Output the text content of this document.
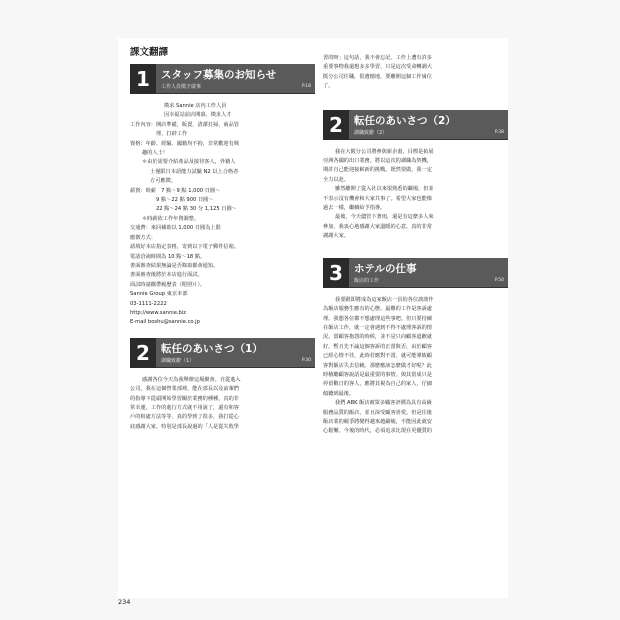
課文翻譯
1	スタッフ募集のお知らせ
工作人員徵才啟事	P.18
徵求 Sannie 店內工作人員
因幸福站前店開幕，徵求人才
工作內容：開店準備，販賣，清潔打掃，商品管
理、打辟工作
資格：年齡、經驗、國籍均不拘，非常歡迎有興
趣的人士！
＊由於需要介紹產品及接待客人，外籍人
士僅限日本語能力試驗 N2 以上合格者
方可應徵。
薪資：時薪　7 點～9 點 1,000 日圓～
9 點～22 點 900 日圓～
22 點～24 點 30 分 1,125 日圓～
＊時薪依工作年資調整。
交通費：來回補助以 1,000 日圓為上限
應徵方式：
請填好本店指定表格，寄到以下電子郵件信箱。
電話洽詢時間為 10 點～18 點。
書面審查結果無論是否錄取都會通知。
書面審查後將於本店進行面試。
面試時請攜帶履歷表（附照片）。
Sannie Group 東京本部
03-1111-2222
http://www.sannie.biz
E-mail boshu@sannie.co.jp
2	転任のあいさつ（1）
調職致辭（1）	P.30
感謝各位今天為我舉辦這場聚會。自從進入
公司，我在這個營業部裡，能在部長以及前輩們
的指導下從頭開始學習關於業務的種種，真的非
常幸運。工作的進行方式就不用說了，還有和客
戶的相處方法等等，真的學到了很多，我打從心
底感謝大家。特別是部長說過的「人是從失敗學
習的呀」這句話，我不會忘記。工作上遭有許多
重要事物我還想多多學習，只是這次受命轉調大
阪分公司任職，很遺憾地，要離開這個工作崗位
了。
2	転任のあいさつ（2）
調職致辭（2）	P.38
我在大阪分公司將參與新企畫，目標是拓展
亞洲各國的出口業務。將以這次的調職為契機，
期許自己能迎接嶄新的挑戰。既然要做，我一定
全力以赴。
雖然離開了從入社以來很熟悉的職場，但並
不表示沒有機會和大家共事了。希望大家也能像
過去一樣，繼續給予指導。
最後，今天儘管下著雨，還是有這麼多人來
參加，我衷心地感謝大家溫暖的心意。真的非常
謝謝大家。
3	ホテルの仕事
飯店的工作	P.50
我要跟即將成為這家飯店一員的各位談談作
為飯店服務生應有的心態。最難的工作是客訴處
理。我想各位都不想處理這些事吧。但只要持續
在飯店工作，就一定會遇到不得不處理客訴的情
況。當顧客抱怨的時候，並不是只向顧客道歉就
好。暫且先不論這個客訴的正當與否，由於顧客
已經心情不佳，此時若應對不當，就可能導致顧
客對飯店失去信賴。那麼應該怎麼做才好呢？此
時積聽顧客說話是最重要的事情。與其當成只是
停留數日的客人，應將其視為自己的家人，仔細
傾聽到最後。
我們 ABK 飯店被眾多顧客評價為具有高級
服務品質的飯店，並且深受顧客喜愛。但是往後
飯店業的競爭將變得越來越嚴峻，不能因此就安
心鬆懈。今後的時代，必須追求比現在更優質的
234
